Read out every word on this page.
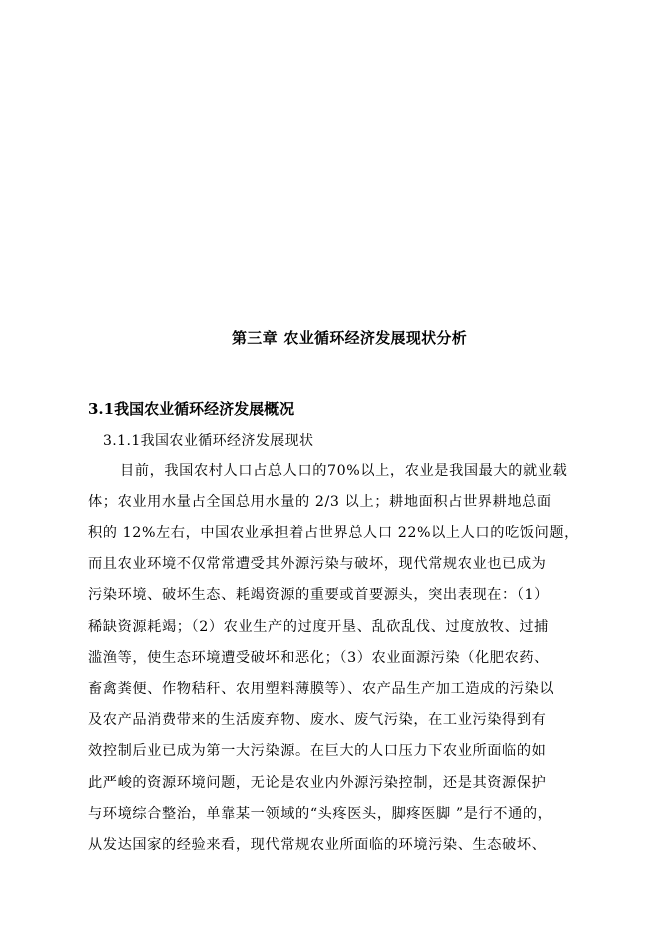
第三章 农业循环经济发展现状分析
3.1我国农业循环经济发展概况
3.1.1我国农业循环经济发展现状
目前，我国农村人口占总人口的70%以上，农业是我国最大的就业载
体；农业用水量占全国总用水量的 2/3 以上；耕地面积占世界耕地总面
积的 12%左右，中国农业承担着占世界总人口 22%以上人口的吃饭问题，
而且农业环境不仅常常遭受其外源污染与破坏，现代常规农业也已成为
污染环境、破坏生态、耗竭资源的重要或首要源头，突出表现在：（1）
稀缺资源耗竭；（2）农业生产的过度开垦、乱砍乱伐、过度放牧、过捕
滥渔等，使生态环境遭受破坏和恶化；（3）农业面源污染（化肥农药、
畜禽粪便、作物秸秆、农用塑料薄膜等）、农产品生产加工造成的污染以
及农产品消费带来的生活废弃物、废水、废气污染，在工业污染得到有
效控制后业已成为第一大污染源。在巨大的人口压力下农业所面临的如
此严峻的资源环境问题，无论是农业内外源污染控制，还是其资源保护
与环境综合整治，单靠某一领域的“头疼医头，脚疼医脚 ”是行不通的，
从发达国家的经验来看，现代常规农业所面临的环境污染、生态破坏、
